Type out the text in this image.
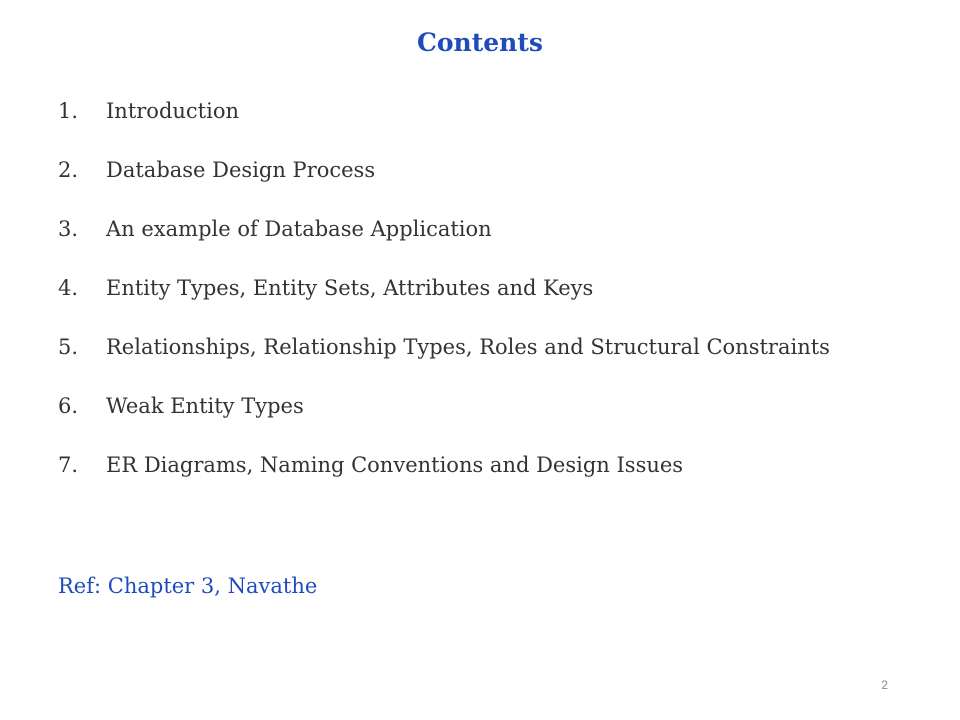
Contents
1.	Introduction
2.	Database Design Process
3.	An example of Database Application
4.	Entity Types, Entity Sets, Attributes and Keys
5.	Relationships, Relationship Types, Roles and Structural Constraints
6.	Weak Entity Types
7.	ER Diagrams, Naming Conventions and Design Issues

Ref: Chapter 3, Navathe

2
